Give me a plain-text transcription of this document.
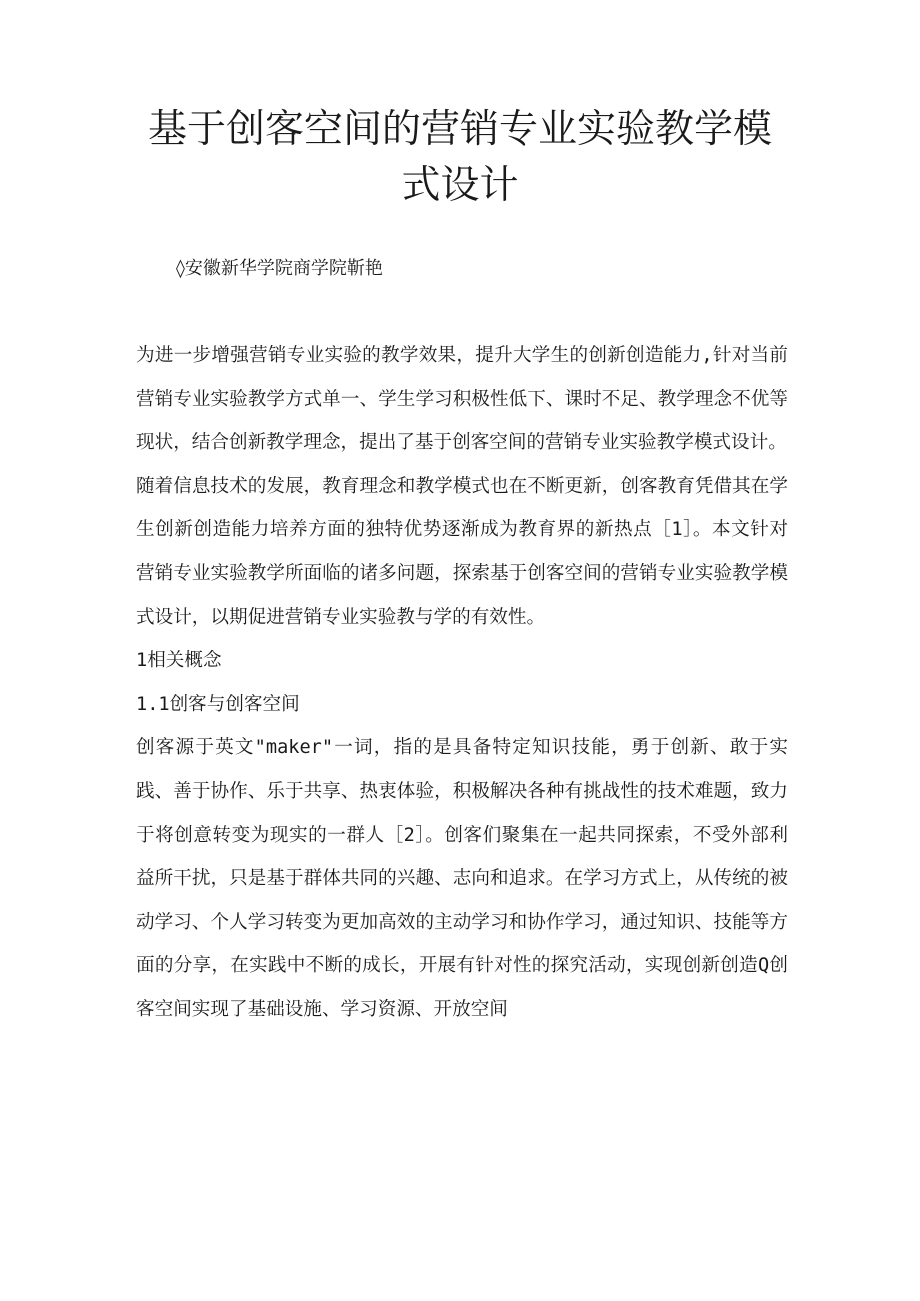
基于创客空间的营销专业实验教学模式设计
◊安徽新华学院商学院靳艳

为进一步增强营销专业实验的教学效果，提升大学生的创新创造能力,针对当前营销专业实验教学方式单一、学生学习积极性低下、课时不足、教学理念不优等现状，结合创新教学理念，提出了基于创客空间的营销专业实验教学模式设计。

随着信息技术的发展，教育理念和教学模式也在不断更新，创客教育凭借其在学生创新创造能力培养方面的独特优势逐渐成为教育界的新热点［1］。本文针对营销专业实验教学所面临的诸多问题，探索基于创客空间的营销专业实验教学模式设计，以期促进营销专业实验教与学的有效性。

1相关概念

1.1创客与创客空间

创客源于英文"maker"一词，指的是具备特定知识技能，勇于创新、敢于实践、善于协作、乐于共享、热衷体验，积极解决各种有挑战性的技术难题，致力于将创意转变为现实的一群人［2］。创客们聚集在一起共同探索，不受外部利益所干扰，只是基于群体共同的兴趣、志向和追求。在学习方式上，从传统的被动学习、个人学习转变为更加高效的主动学习和协作学习，通过知识、技能等方面的分享，在实践中不断的成长，开展有针对性的探究活动，实现创新创造Q创客空间实现了基础设施、学习资源、开放空间
